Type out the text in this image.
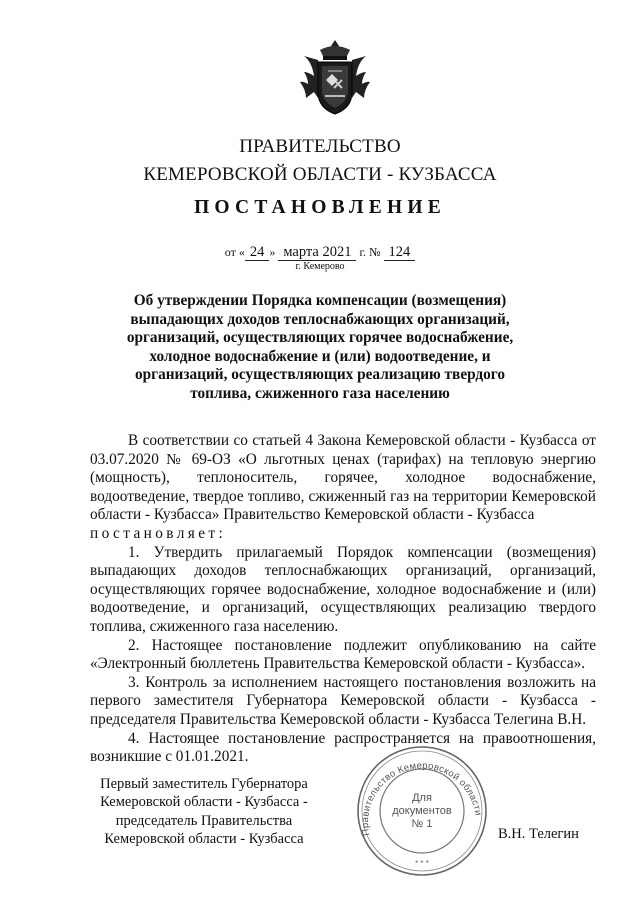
ПРАВИТЕЛЬСТВО
КЕМЕРОВСКОЙ ОБЛАСТИ - КУЗБАССА
ПОСТАНОВЛЕНИЕ
от « 24 » марта 2021 г. № 124
г. Кемерово
Об утверждении Порядка компенсации (возмещения) выпадающих доходов теплоснабжающих организаций, организаций, осуществляющих горячее водоснабжение, холодное водоснабжение и (или) водоотведение, и организаций, осуществляющих реализацию твердого топлива, сжиженного газа населению

В соответствии со статьей 4 Закона Кемеровской области - Кузбасса от 03.07.2020 № 69-ОЗ «О льготных ценах (тарифах) на тепловую энергию (мощность), теплоноситель, горячее, холодное водоснабжение, водоотведение, твердое топливо, сжиженный газ на территории Кемеровской области - Кузбасса» Правительство Кемеровской области - Кузбасса

постановляет:

1. Утвердить прилагаемый Порядок компенсации (возмещения) выпадающих доходов теплоснабжающих организаций, организаций, осуществляющих горячее водоснабжение, холодное водоснабжение и (или) водоотведение, и организаций, осуществляющих реализацию твердого топлива, сжиженного газа населению.

2. Настоящее постановление подлежит опубликованию на сайте «Электронный бюллетень Правительства Кемеровской области - Кузбасса».

3. Контроль за исполнением настоящего постановления возложить на первого заместителя Губернатора Кемеровской области - Кузбасса - председателя Правительства Кемеровской области - Кузбасса Телегина В.Н.

4. Настоящее постановление распространяется на правоотношения, возникшие с 01.01.2021.

Первый заместитель Губернатора
Кемеровской области - Кузбасса -
председатель Правительства
Кемеровской области - Кузбасса	Правительство Кемеровской области
* * *
Для
документов
№ 1
В.Н. Телегин
